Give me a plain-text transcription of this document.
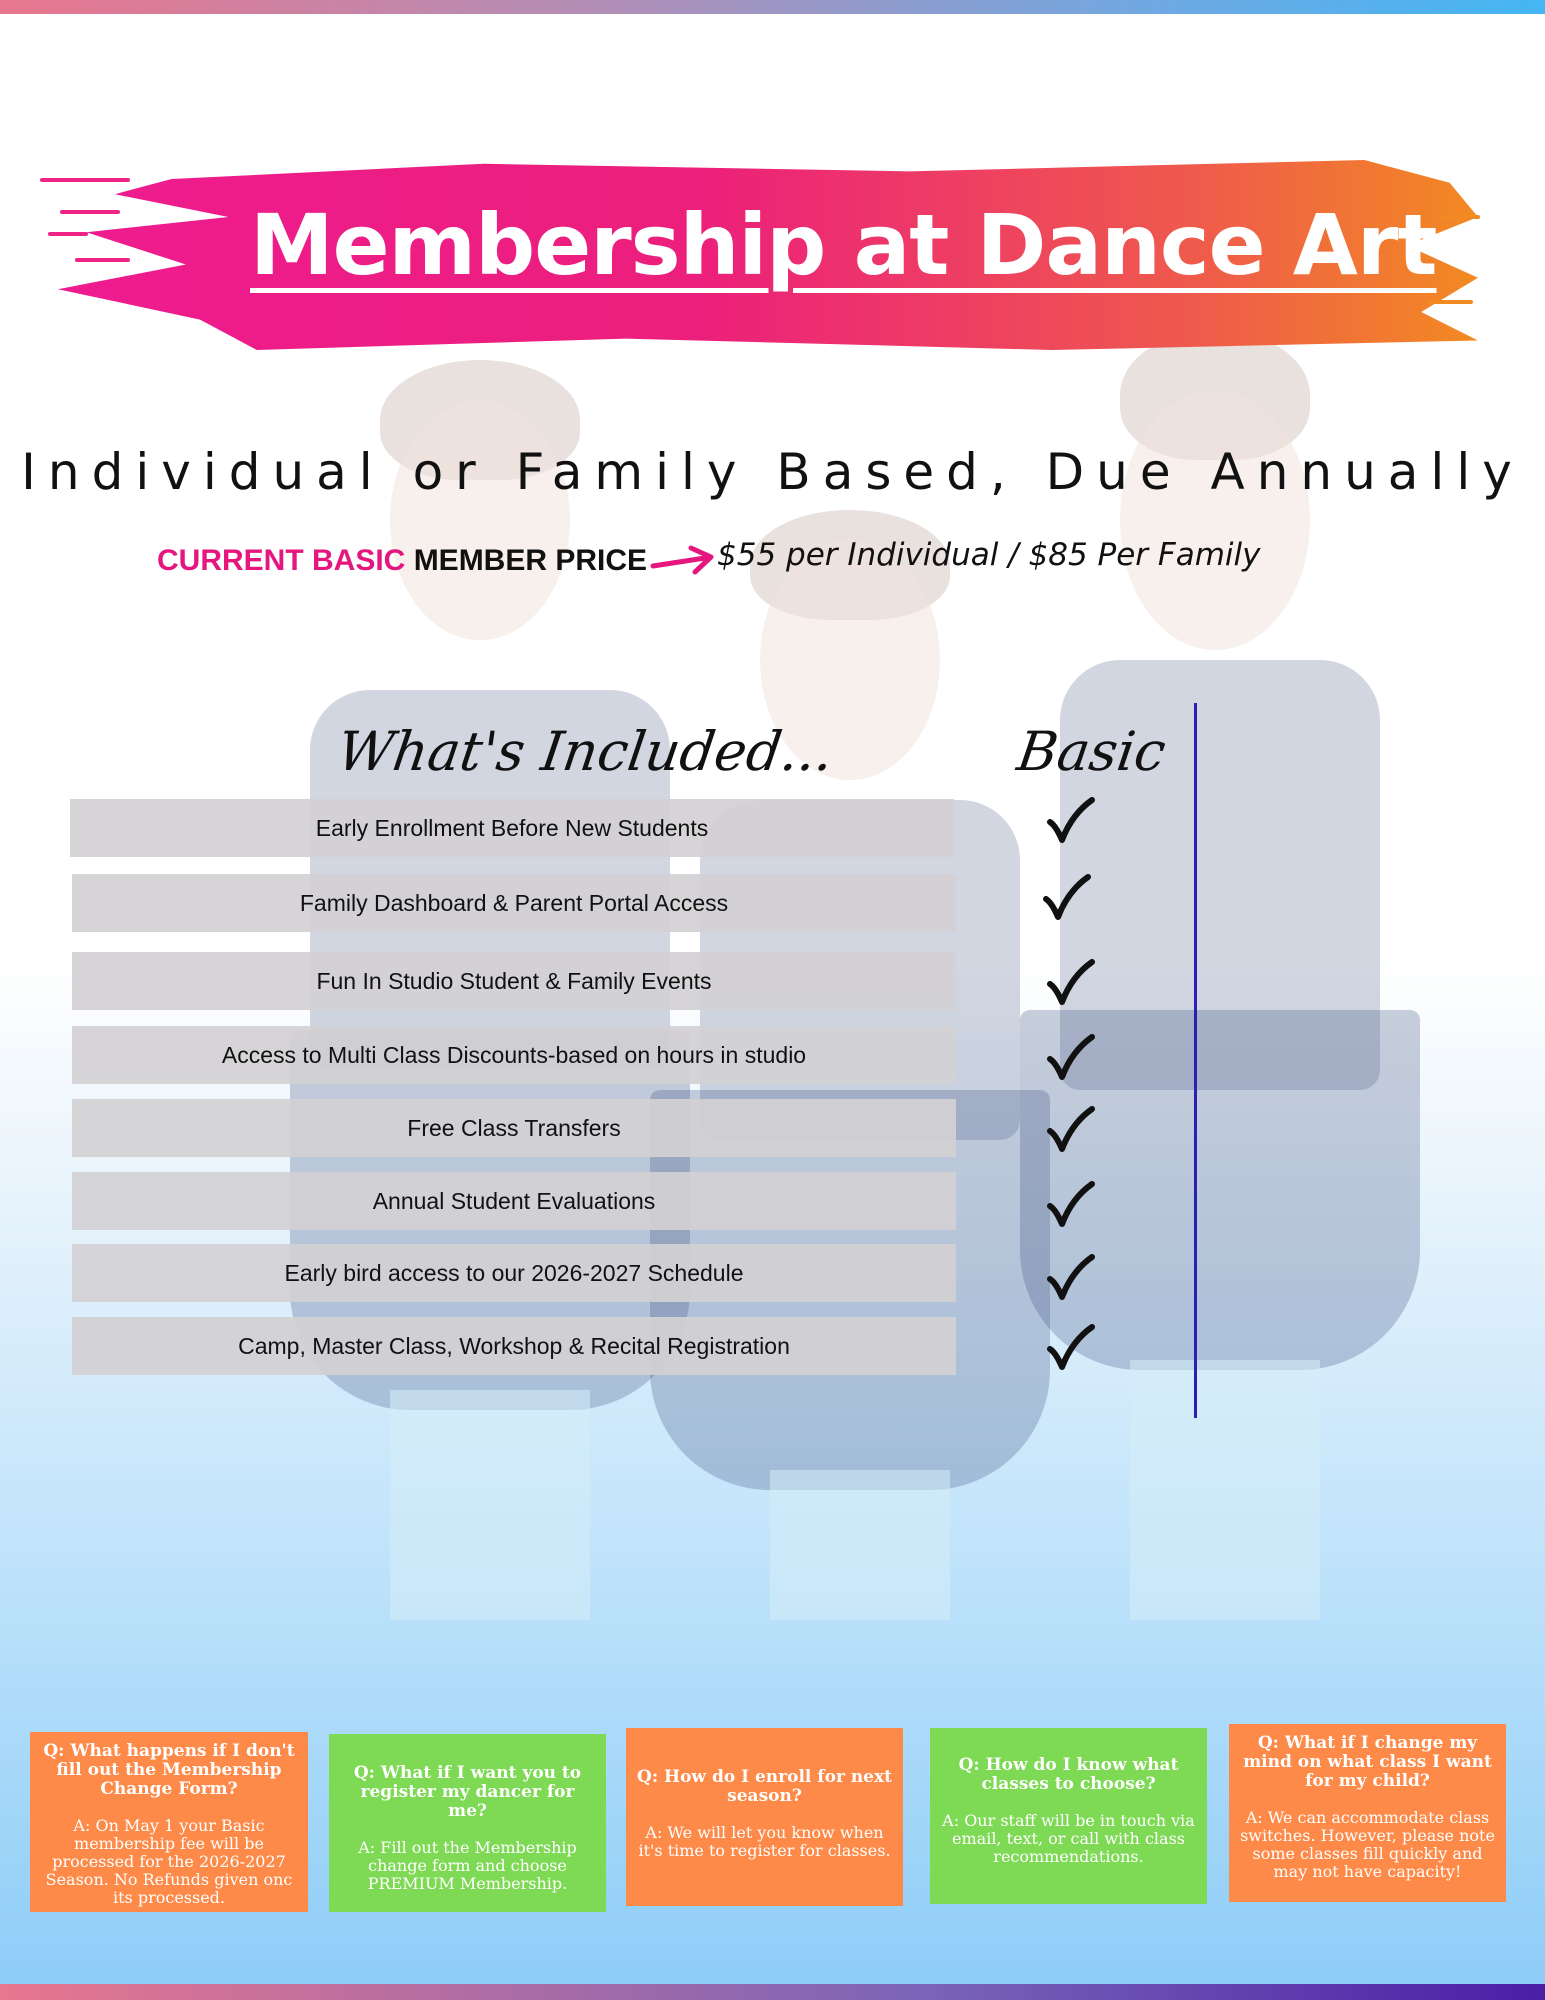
Membership at Dance Art
Individual or Family Based, Due Annually
CURRENT BASIC MEMBER PRICE $55 per Individual / $85 Per Family
What's Included...	Basic
Early Enrollment Before New Students
Family Dashboard & Parent Portal Access
Fun In Studio Student & Family Events
Access to Multi Class Discounts-based on hours in studio
Free Class Transfers
Annual Student Evaluations
Early bird access to our 2026-2027 Schedule
Camp, Master Class, Workshop & Recital Registration
Q: What happens if I don't fill out the Membership Change Form?
A: On May 1 your Basic membership fee will be processed for the 2026-2027 Season. No Refunds given onc its processed.
Q: What if I want you to register my dancer for me?
A: Fill out the Membership change form and choose PREMIUM Membership.
Q: How do I enroll for next season?
A: We will let you know when it's time to register for classes.
Q: How do I know what classes to choose?
A: Our staff will be in touch via email, text, or call with class recommendations.
Q: What if I change my mind on what class I want for my child?
A: We can accommodate class switches. However, please note some classes fill quickly and may not have capacity!
